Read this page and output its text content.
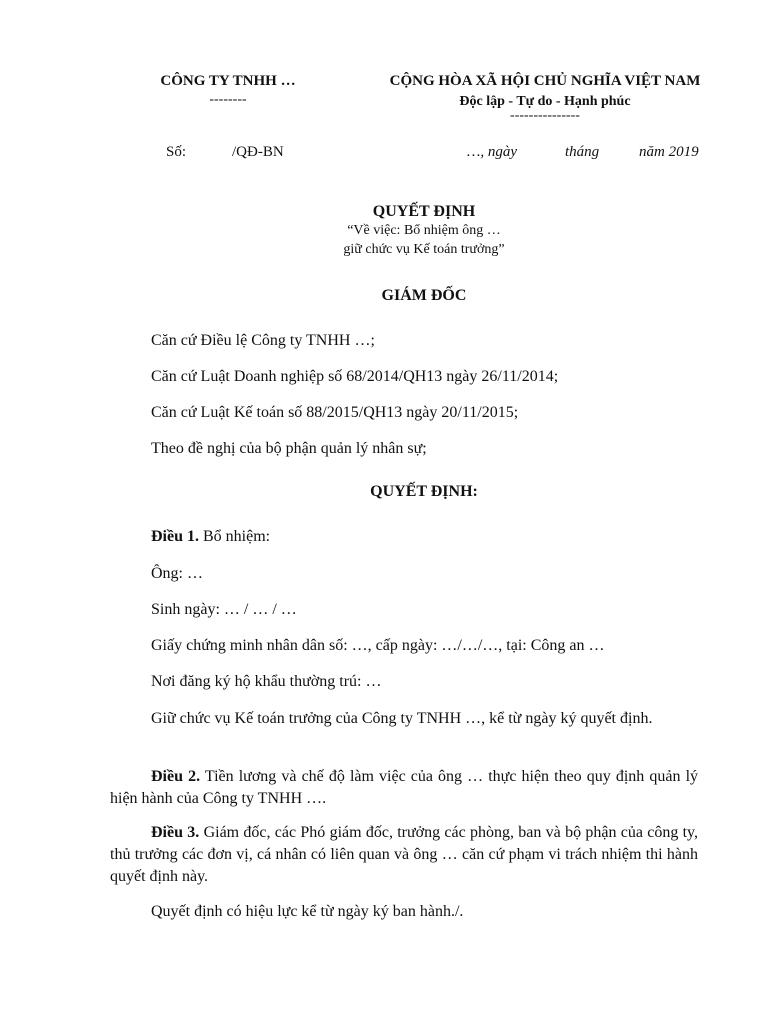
CÔNG TY TNHH …
--------
CỘNG HÒA XÃ HỘI CHỦ NGHĨA VIỆT NAM
Độc lập - Tự do - Hạnh phúc
---------------
Số:	/QĐ-BN	…, ngày	tháng	năm 2019
QUYẾT ĐỊNH
“Về việc: Bổ nhiệm ông …
giữ chức vụ Kế toán trưởng”
GIÁM ĐỐC
Căn cứ Điều lệ Công ty TNHH …;
Căn cứ Luật Doanh nghiệp số 68/2014/QH13 ngày 26/11/2014;
Căn cứ Luật Kế toán số 88/2015/QH13 ngày 20/11/2015;
Theo đề nghị của bộ phận quản lý nhân sự;
QUYẾT ĐỊNH:
Điều 1. Bổ nhiệm:
Ông: …
Sinh ngày: … / … / …
Giấy chứng minh nhân dân số: …, cấp ngày: …/…/…, tại: Công an …
Nơi đăng ký hộ khẩu thường trú: …
Giữ chức vụ Kế toán trưởng của Công ty TNHH …, kể từ ngày ký quyết định.
Điều 2. Tiền lương và chế độ làm việc của ông … thực hiện theo quy định quản lý hiện hành của Công ty TNHH ….
Điều 3. Giám đốc, các Phó giám đốc, trưởng các phòng, ban và bộ phận của công ty, thủ trưởng các đơn vị, cá nhân có liên quan và ông … căn cứ phạm vi trách nhiệm thi hành quyết định này.
Quyết định có hiệu lực kể từ ngày ký ban hành./.
